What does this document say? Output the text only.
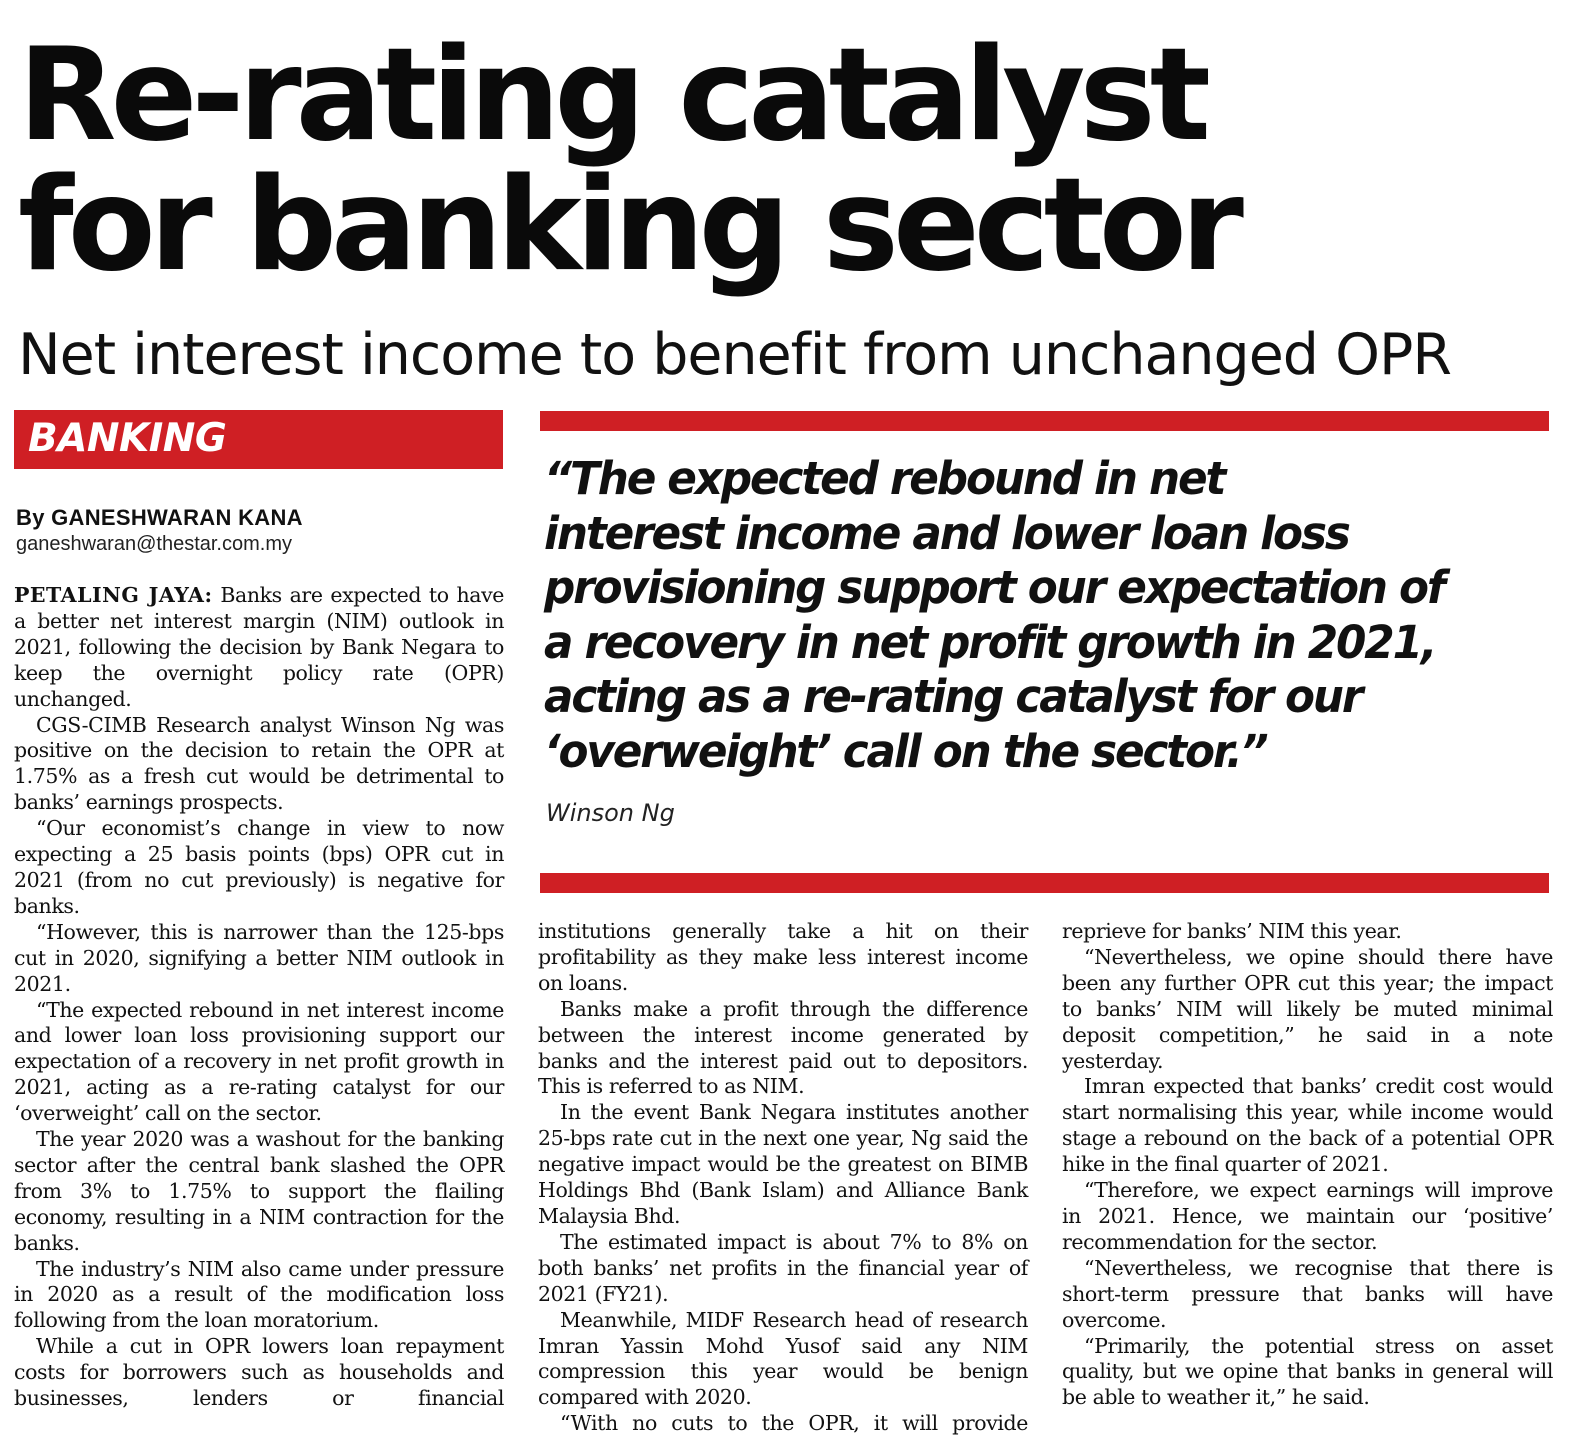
Re-rating catalyst
for banking sector
Net interest income to benefit from unchanged OPR
BANKING
By GANESHWARAN KANA
ganeshwaran@thestar.com.my
“The expected rebound in net
interest income and lower loan loss
provisioning support our expectation of
a recovery in net profit growth in 2021,
acting as a re-rating catalyst for our
‘overweight’ call on the sector.”
Winson Ng

PETALING JAYA: Banks are expected to have a better net interest margin (NIM) outlook in 2021, following the decision by Bank Negara to keep the overnight policy rate (OPR) unchanged.

CGS-CIMB Research analyst Winson Ng was positive on the decision to retain the OPR at 1.75% as a fresh cut would be detrimental to banks’ earnings prospects.

“Our economist’s change in view to now expecting a 25 basis points (bps) OPR cut in 2021 (from no cut previously) is negative for banks.

“However, this is narrower than the 125-bps cut in 2020, signifying a better NIM outlook in 2021.

“The expected rebound in net interest income and lower loan loss provisioning support our expectation of a recovery in net profit growth in 2021, acting as a re-rating catalyst for our ‘overweight’ call on the sector.

The year 2020 was a washout for the banking sector after the central bank slashed the OPR from 3% to 1.75% to support the flailing economy, resulting in a NIM contraction for the banks.

The industry’s NIM also came under pressure in 2020 as a result of the modification loss following from the loan moratorium.

While a cut in OPR lowers loan repayment costs for borrowers such as households and businesses, lenders or financial

institutions generally take a hit on their profitability as they make less interest income on loans.

Banks make a profit through the difference between the interest income generated by banks and the interest paid out to depositors. This is referred to as NIM.

In the event Bank Negara institutes another 25-bps rate cut in the next one year, Ng said the negative impact would be the greatest on BIMB Holdings Bhd (Bank Islam) and Alliance Bank Malaysia Bhd.

The estimated impact is about 7% to 8% on both banks’ net profits in the financial year of 2021 (FY21).

Meanwhile, MIDF Research head of research Imran Yassin Mohd Yusof said any NIM compression this year would be benign compared with 2020.

“With no cuts to the OPR, it will provide

reprieve for banks’ NIM this year.

“Nevertheless, we opine should there have been any further OPR cut this year; the impact to banks’ NIM will likely be muted minimal deposit competition,” he said in a note yesterday.

Imran expected that banks’ credit cost would start normalising this year, while income would stage a rebound on the back of a potential OPR hike in the final quarter of 2021.

“Therefore, we expect earnings will improve in 2021. Hence, we maintain our ‘positive’ recommendation for the sector.

“Nevertheless, we recognise that there is short-term pressure that banks will have overcome.

“Primarily, the potential stress on asset quality, but we opine that banks in general will be able to weather it,” he said.
